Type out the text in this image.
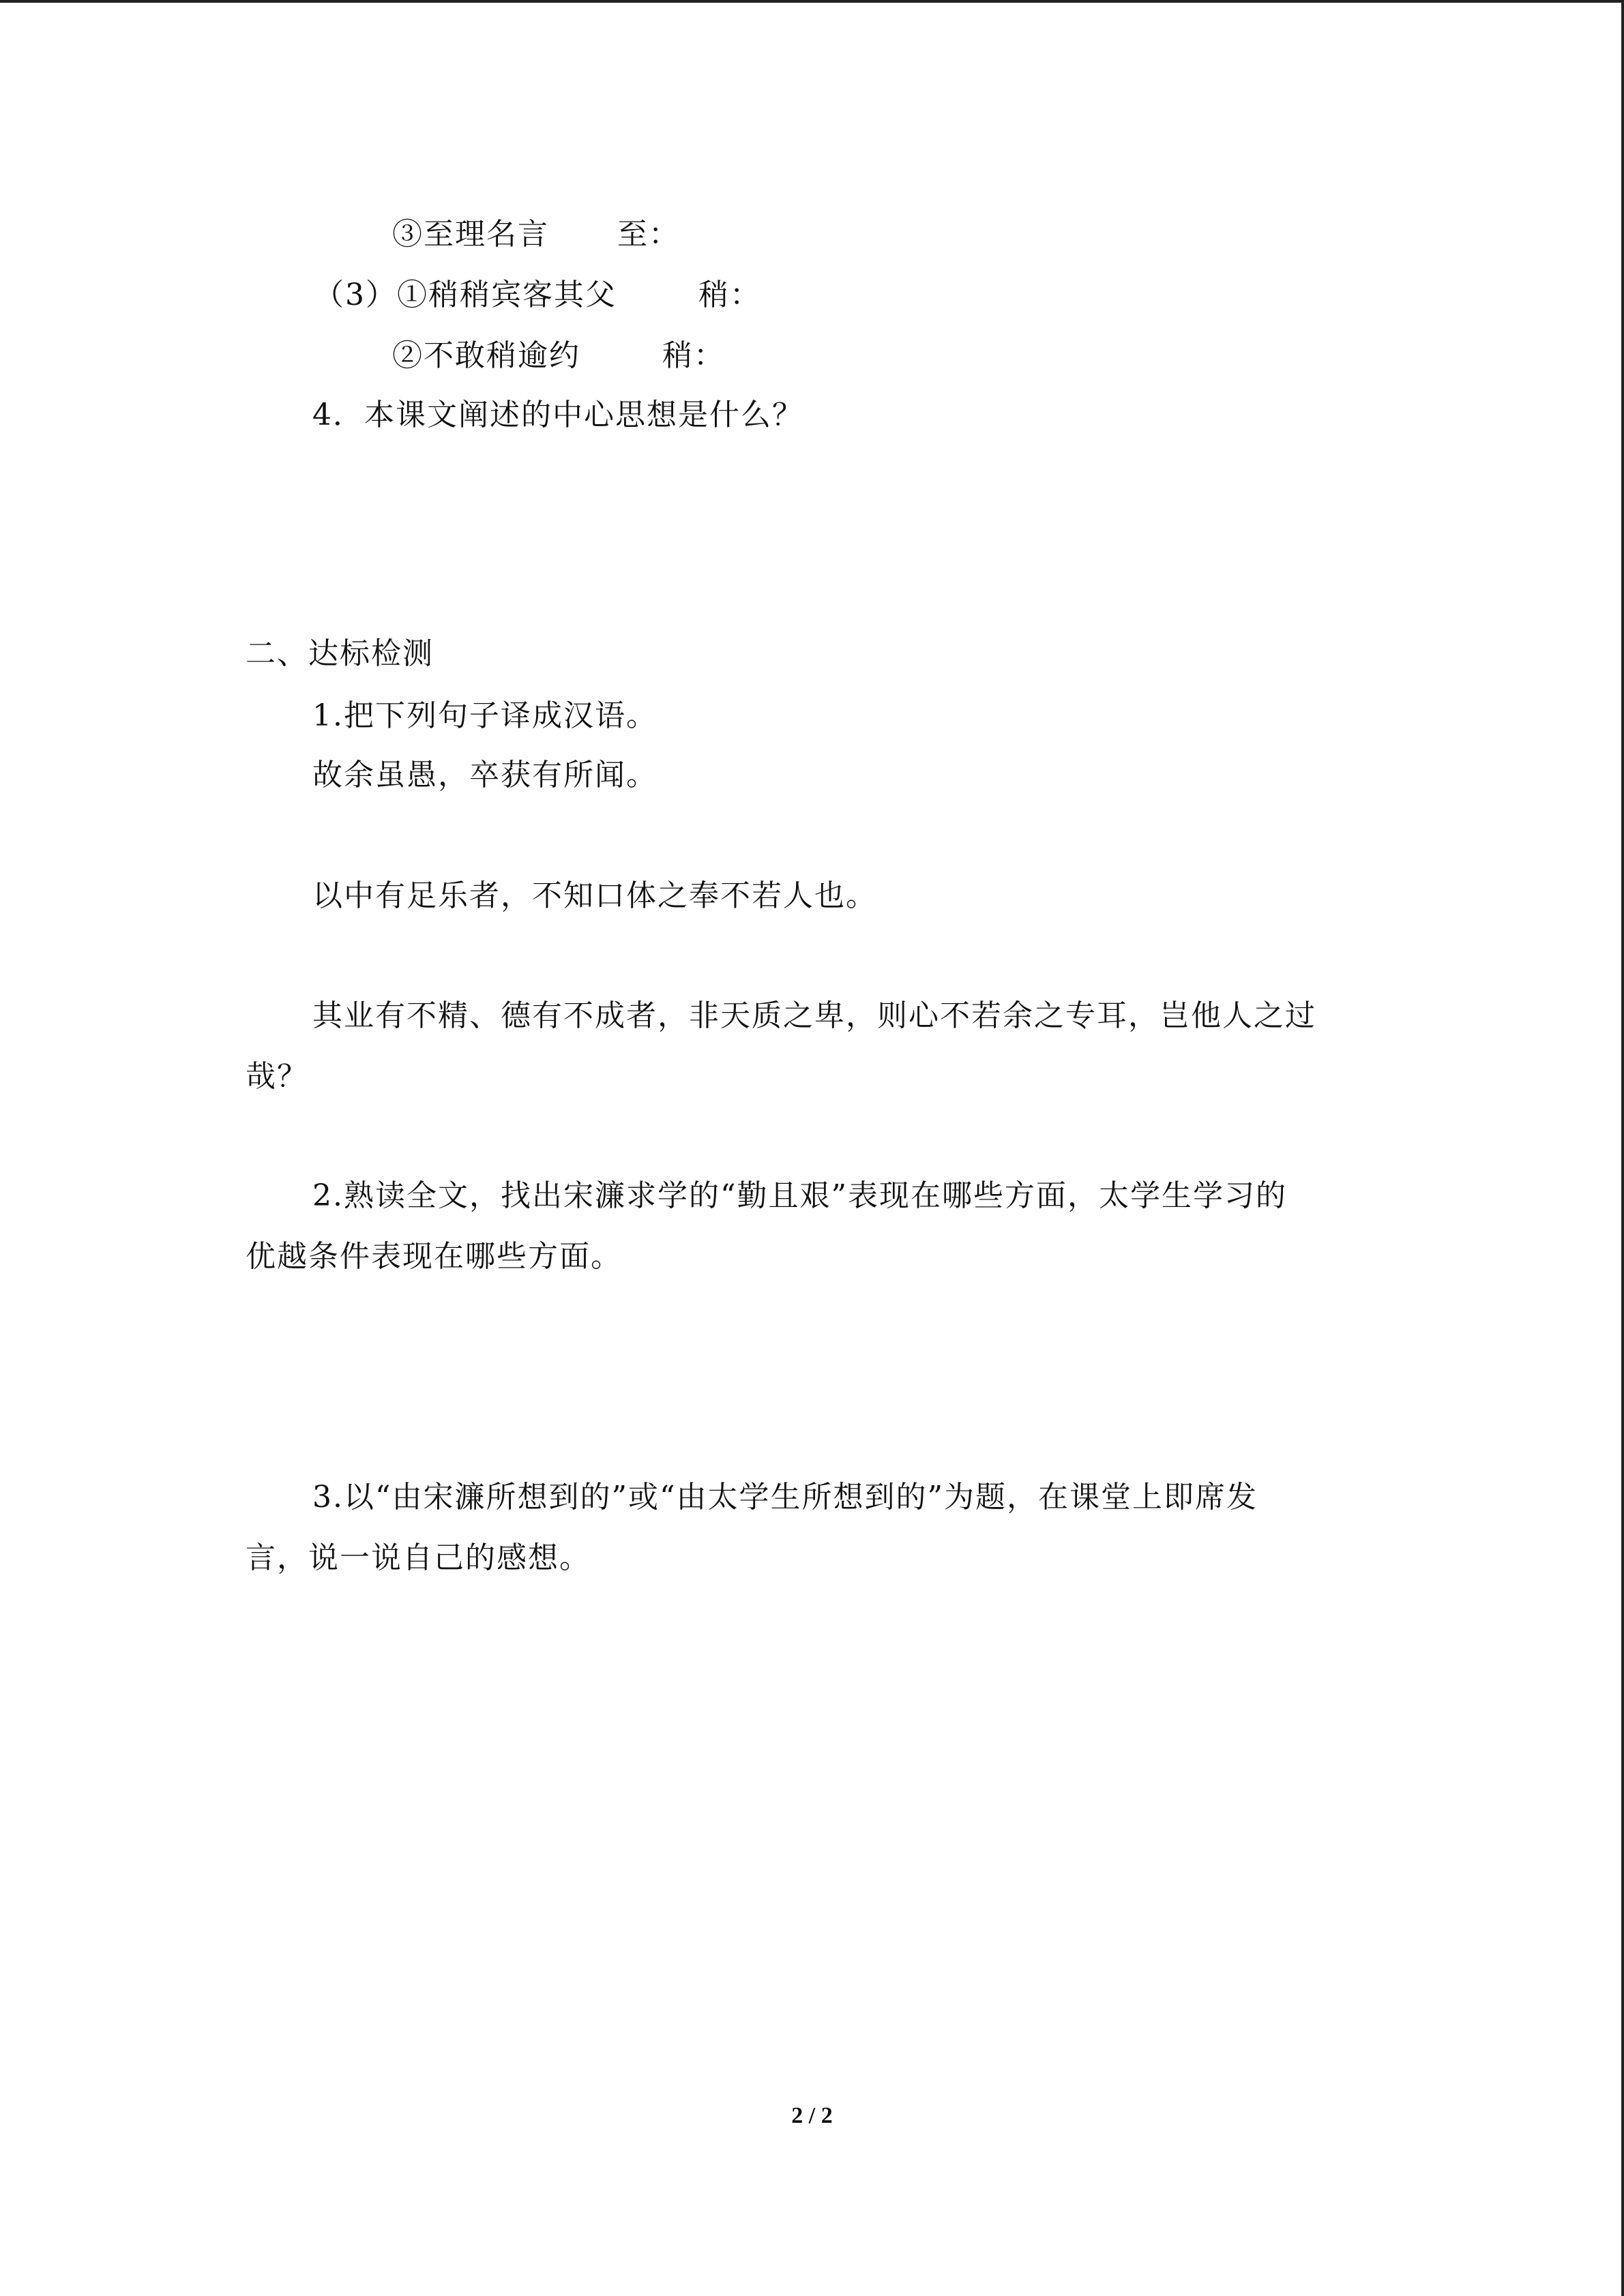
③至理名言 至：
（3）①稍稍宾客其父	稍：
②不敢稍逾约	稍：
4．本课文阐述的中心思想是什么？
二、达标检测
1.把下列句子译成汉语。
故余虽愚，卒获有所闻。
以中有足乐者，不知口体之奉不若人也。
其业有不精、德有不成者，非天质之卑，则心不若余之专耳，岂他人之过
哉？
2.熟读全文，找出宋濂求学的“勤且艰”表现在哪些方面，太学生学习的
优越条件表现在哪些方面。
3.以“由宋濂所想到的”或“由太学生所想到的”为题，在课堂上即席发
言，说一说自己的感想。
2 / 2
